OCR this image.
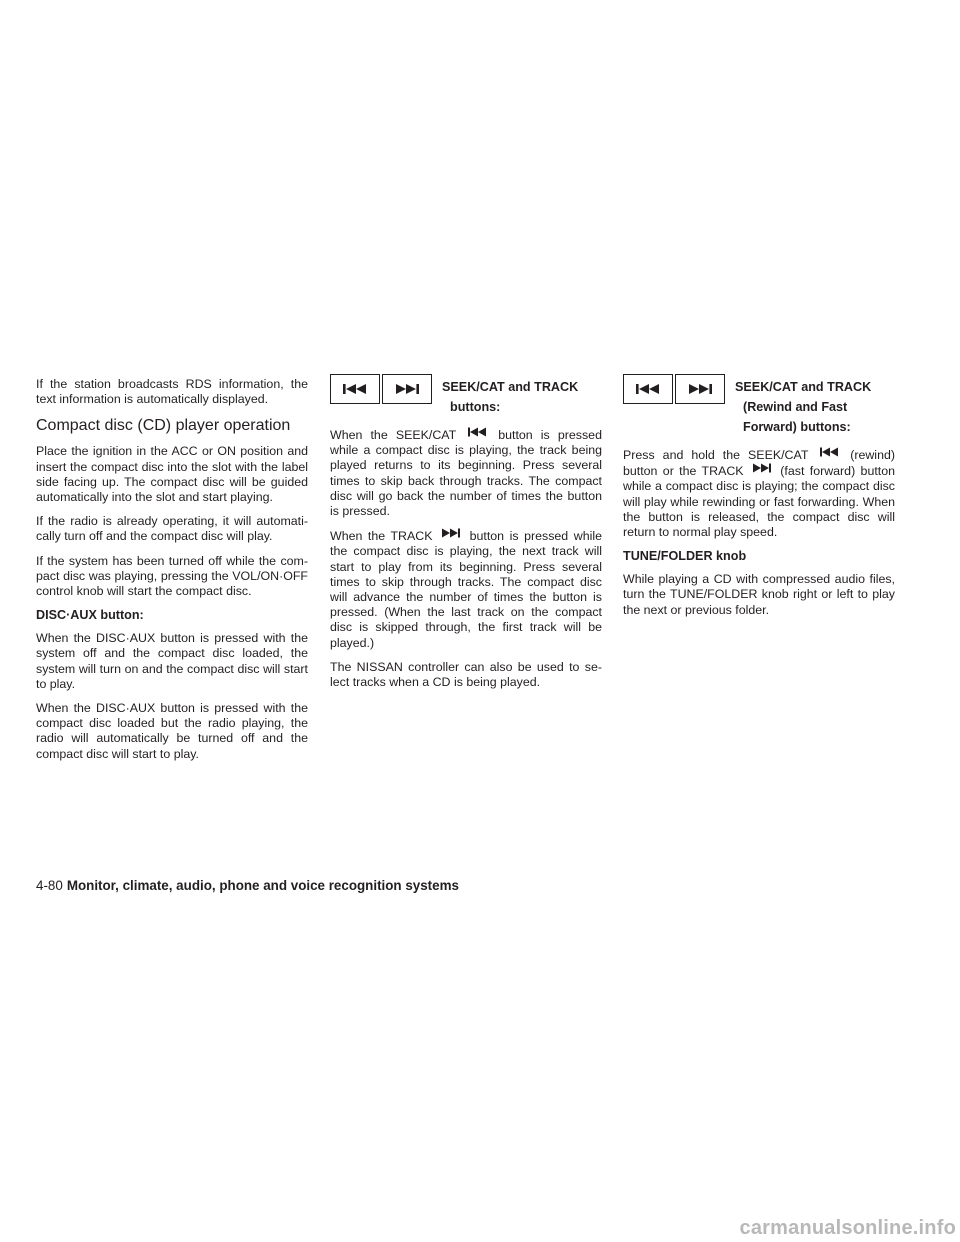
If the station broadcasts RDS information, the text information is automatically displayed.

Compact disc (CD) player operation

Place the ignition in the ACC or ON position and insert the compact disc into the slot with the label side facing up. The compact disc will be guided automatically into the slot and start playing.

If the radio is already operating, it will automati-cally turn off and the compact disc will play.

If the system has been turned off while the com-pact disc was playing, pressing the VOL/ON·OFF control knob will start the compact disc.

DISC·AUX button:

When the DISC·AUX button is pressed with the system off and the compact disc loaded, the system will turn on and the compact disc will start to play.

When the DISC·AUX button is pressed with the compact disc loaded but the radio playing, the radio will automatically be turned off and the compact disc will start to play.

SEEK/CAT and TRACK
buttons:

When the SEEK/CAT	button is pressed while a compact disc is playing, the track being played returns to its beginning. Press several times to skip back through tracks. The compact disc will go back the number of times the button is pressed.

When the TRACK	button is pressed while the compact disc is playing, the next track will start to play from its beginning. Press several times to skip through tracks. The compact disc will advance the number of times the button is pressed. (When the last track on the compact disc is skipped through, the first track will be played.)

The NISSAN controller can also be used to se-lect tracks when a CD is being played.

SEEK/CAT and TRACK
(Rewind and Fast
Forward) buttons:

Press and hold the SEEK/CAT	(rewind) button or the TRACK	(fast forward) button while a compact disc is playing; the compact disc will play while rewinding or fast forwarding. When the button is released, the compact disc will return to normal play speed.

TUNE/FOLDER knob

While playing a CD with compressed audio files, turn the TUNE/FOLDER knob right or left to play the next or previous folder.

4-80 Monitor, climate, audio, phone and voice recognition systems
carmanualsonline.info
